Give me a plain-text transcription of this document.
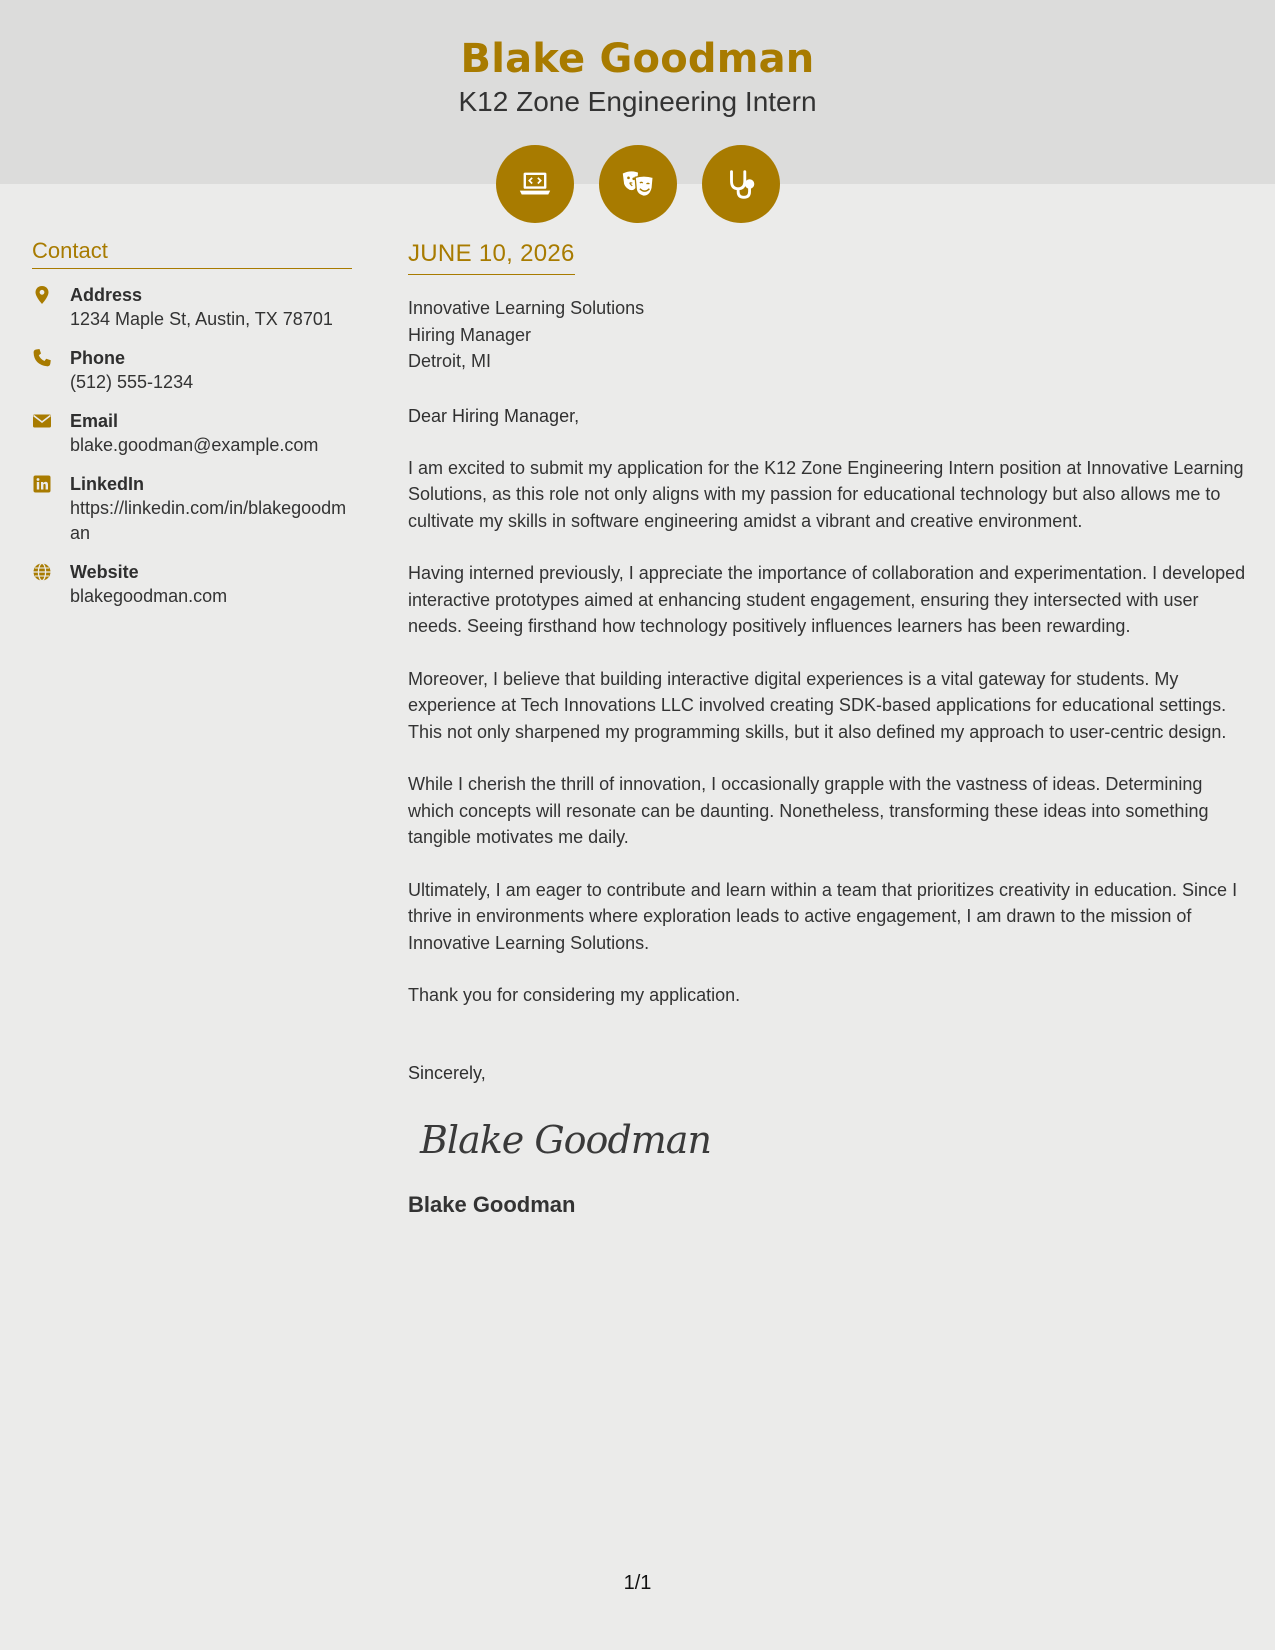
Blake Goodman
K12 Zone Engineering Intern
Contact
Address
1234 Maple St, Austin, TX 78701
Phone
(512) 555-1234
Email
blake.goodman@example.com
LinkedIn
https://linkedin.com/in/blakegoodman
Website
blakegoodman.com
JUNE 10, 2026
Innovative Learning Solutions
Hiring Manager
Detroit, MI
Dear Hiring Manager,

I am excited to submit my application for the K12 Zone Engineering Intern position at Innovative Learning Solutions, as this role not only aligns with my passion for educational technology but also allows me to cultivate my skills in software engineering amidst a vibrant and creative environment.

Having interned previously, I appreciate the importance of collaboration and experimentation. I developed interactive prototypes aimed at enhancing student engagement, ensuring they intersected with user needs. Seeing firsthand how technology positively influences learners has been rewarding.

Moreover, I believe that building interactive digital experiences is a vital gateway for students. My experience at Tech Innovations LLC involved creating SDK-based applications for educational settings. This not only sharpened my programming skills, but it also defined my approach to user-centric design.

While I cherish the thrill of innovation, I occasionally grapple with the vastness of ideas. Determining which concepts will resonate can be daunting. Nonetheless, transforming these ideas into something tangible motivates me daily.

Ultimately, I am eager to contribute and learn within a team that prioritizes creativity in education. Since I thrive in environments where exploration leads to active engagement, I am drawn to the mission of Innovative Learning Solutions.

Thank you for considering my application.

Sincerely,
Blake Goodman
Blake Goodman
1/1
